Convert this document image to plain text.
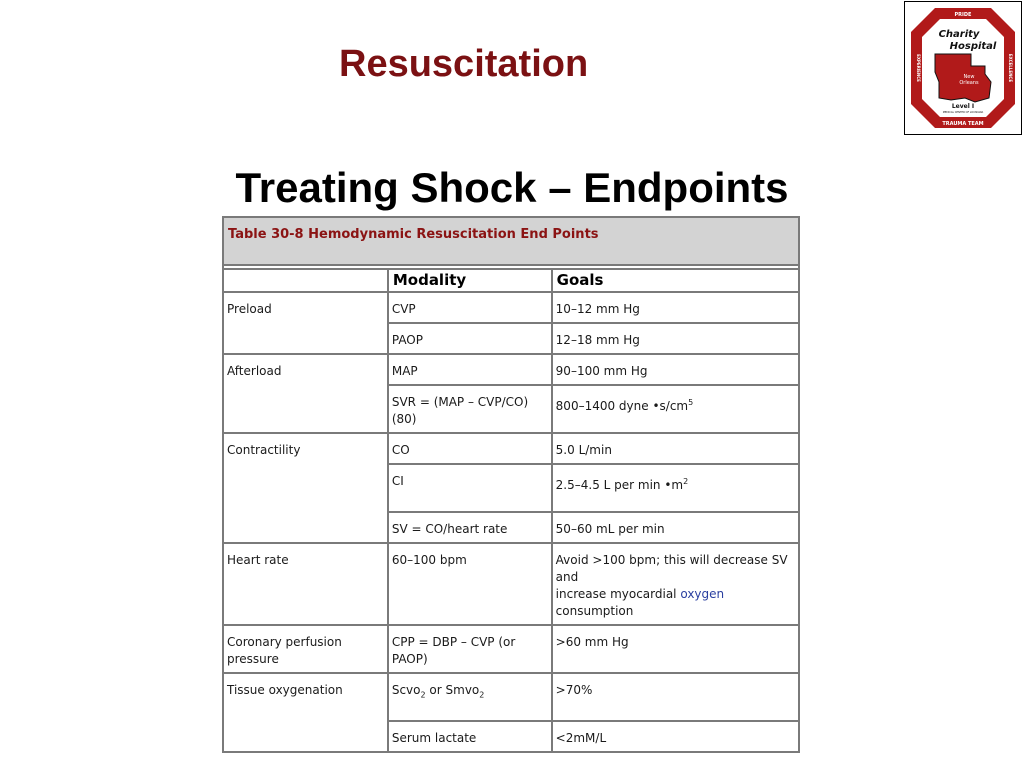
Resuscitation
PRIDE
TRAUMA TEAM
EXPERIENCE	EXCELLENCE
Charity
Hospital
New
Orleans
Level I
MEDICAL CENTER OF LOUISIANA
Treating Shock – Endpoints
Table 30-8 Hemodynamic Resuscitation End Points		

	Modality	Goals
Preload	CVP	10–12 mm Hg
	PAOP	12–18 mm Hg
Afterload	MAP	90–100 mm Hg
	SVR = (MAP – CVP/CO)(80)	800–1400 dyne $•s/cm^5$
Contractility	CO	5.0 L/min
	CI	2.5–4.5 L per $\min •m^2$
	SV = CO/heart rate	50–60 mL per min
Heart rate	60–100 bpm	Avoid >100 bpm; this will decrease SV and
increase myocardial oxygen
consumption
Coronary perfusion pressure	CPP = DBP – CVP (or PAOP)	>60 mm Hg
Tissue oxygenation	Scvo$_2$ or Smvo$_2$	>70%
	Serum lactate	<2mM/L
